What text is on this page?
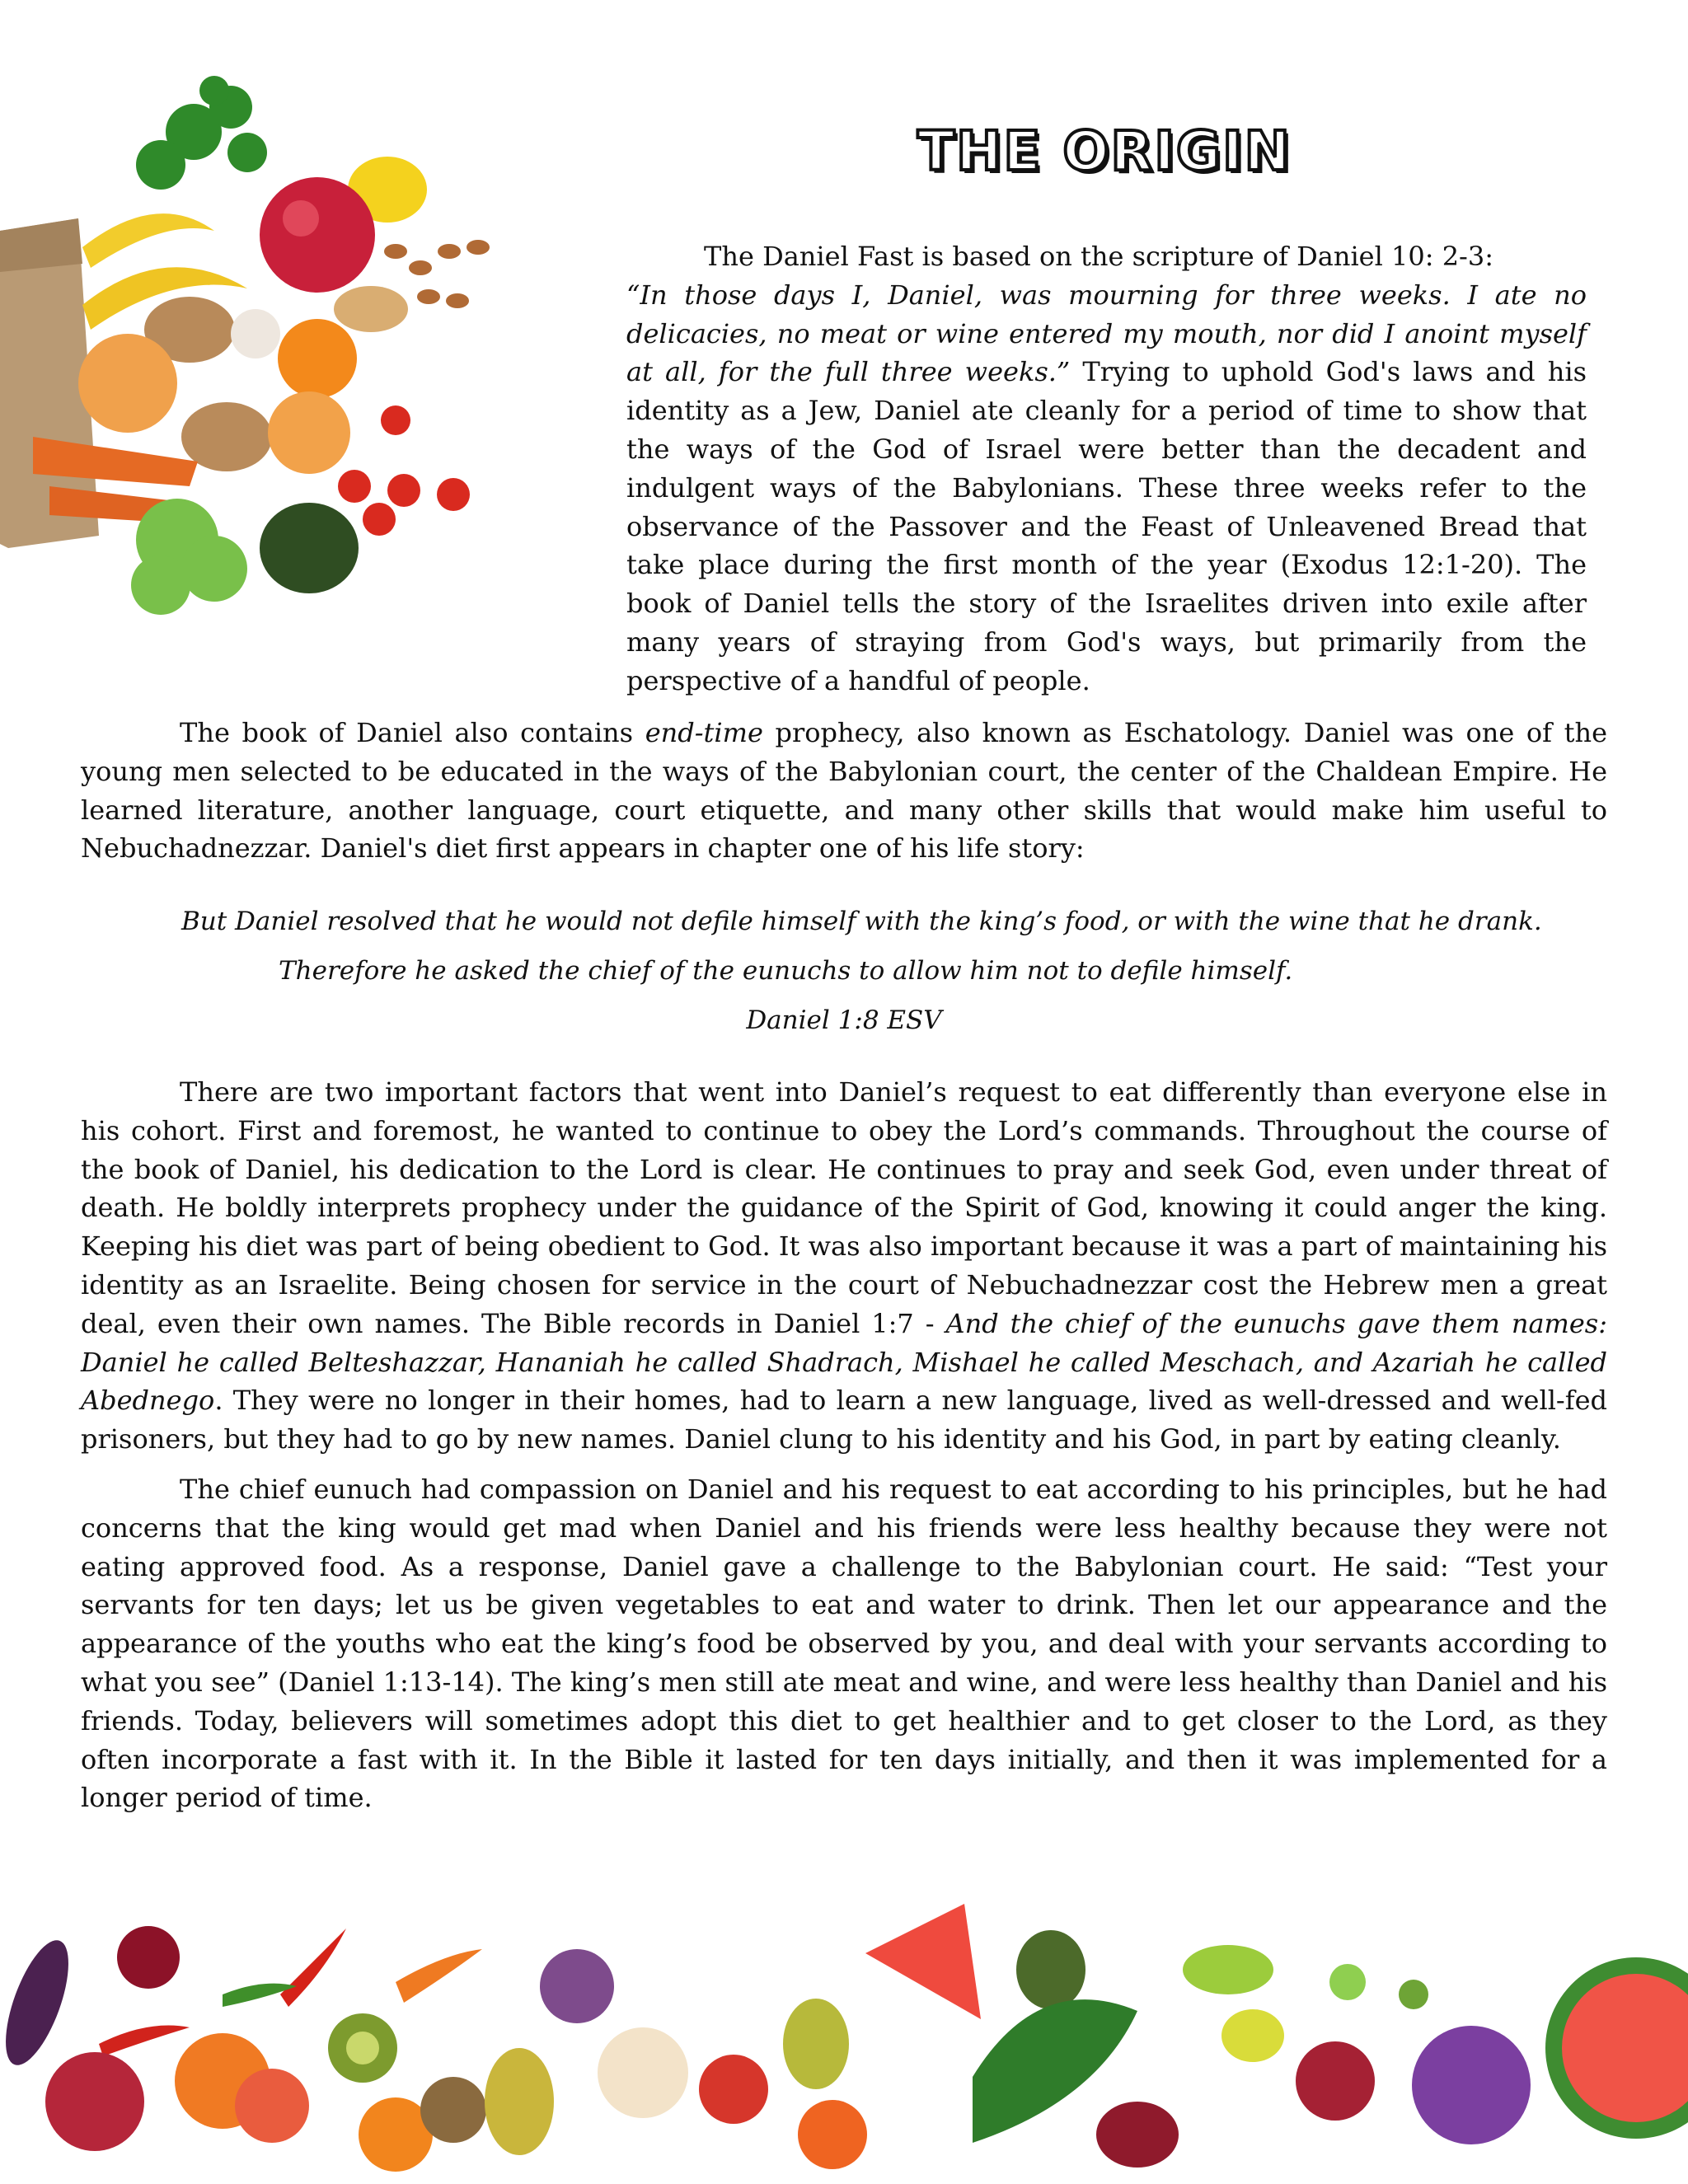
THE ORIGIN

The Daniel Fast is based on the scripture of Daniel 10: 2-3:
“In those days I, Daniel, was mourning for three weeks. I ate no delicacies, no meat or wine entered my mouth, nor did I anoint myself at all, for the full three weeks.” Trying to uphold God's laws and his identity as a Jew, Daniel ate cleanly for a period of time to show that the ways of the God of Israel were better than the decadent and indulgent ways of the Babylonians. These three weeks refer to the observance of the Passover and the Feast of Unleavened Bread that take place during the first month of the year (Exodus 12:1-20). The book of Daniel tells the story of the Israelites driven into exile after many years of straying from God's ways, but primarily from the perspective of a handful of people.

The book of Daniel also contains end-time prophecy, also known as Eschatology. Daniel was one of the young men selected to be educated in the ways of the Babylonian court, the center of the Chaldean Empire. He learned literature, another language, court etiquette, and many other skills that would make him useful to Nebuchadnezzar. Daniel's diet first appears in chapter one of his life story:

But Daniel resolved that he would not defile himself with the king’s food, or with the wine that he drank.

Therefore he asked the chief of the eunuchs to allow him not to defile himself.

Daniel 1:8 ESV

There are two important factors that went into Daniel’s request to eat differently than everyone else in his cohort. First and foremost, he wanted to continue to obey the Lord’s commands. Throughout the course of the book of Daniel, his dedication to the Lord is clear. He continues to pray and seek God, even under threat of death. He boldly interprets prophecy under the guidance of the Spirit of God, knowing it could anger the king. Keeping his diet was part of being obedient to God. It was also important because it was a part of maintaining his identity as an Israelite. Being chosen for service in the court of Nebuchadnezzar cost the Hebrew men a great deal, even their own names. The Bible records in Daniel 1:7 - And the chief of the eunuchs gave them names: Daniel he called Belteshazzar, Hananiah he called Shadrach, Mishael he called Meschach, and Azariah he called Abednego. They were no longer in their homes, had to learn a new language, lived as well-dressed and well-fed prisoners, but they had to go by new names. Daniel clung to his identity and his God, in part by eating cleanly.

The chief eunuch had compassion on Daniel and his request to eat according to his principles, but he had concerns that the king would get mad when Daniel and his friends were less healthy because they were not eating approved food. As a response, Daniel gave a challenge to the Babylonian court. He said: “Test your servants for ten days; let us be given vegetables to eat and water to drink. Then let our appearance and the appearance of the youths who eat the king’s food be observed by you, and deal with your servants according to what you see” (Daniel 1:13-14). The king’s men still ate meat and wine, and were less healthy than Daniel and his friends. Today, believers will sometimes adopt this diet to get healthier and to get closer to the Lord, as they often incorporate a fast with it. In the Bible it lasted for ten days initially, and then it was implemented for a longer period of time.
